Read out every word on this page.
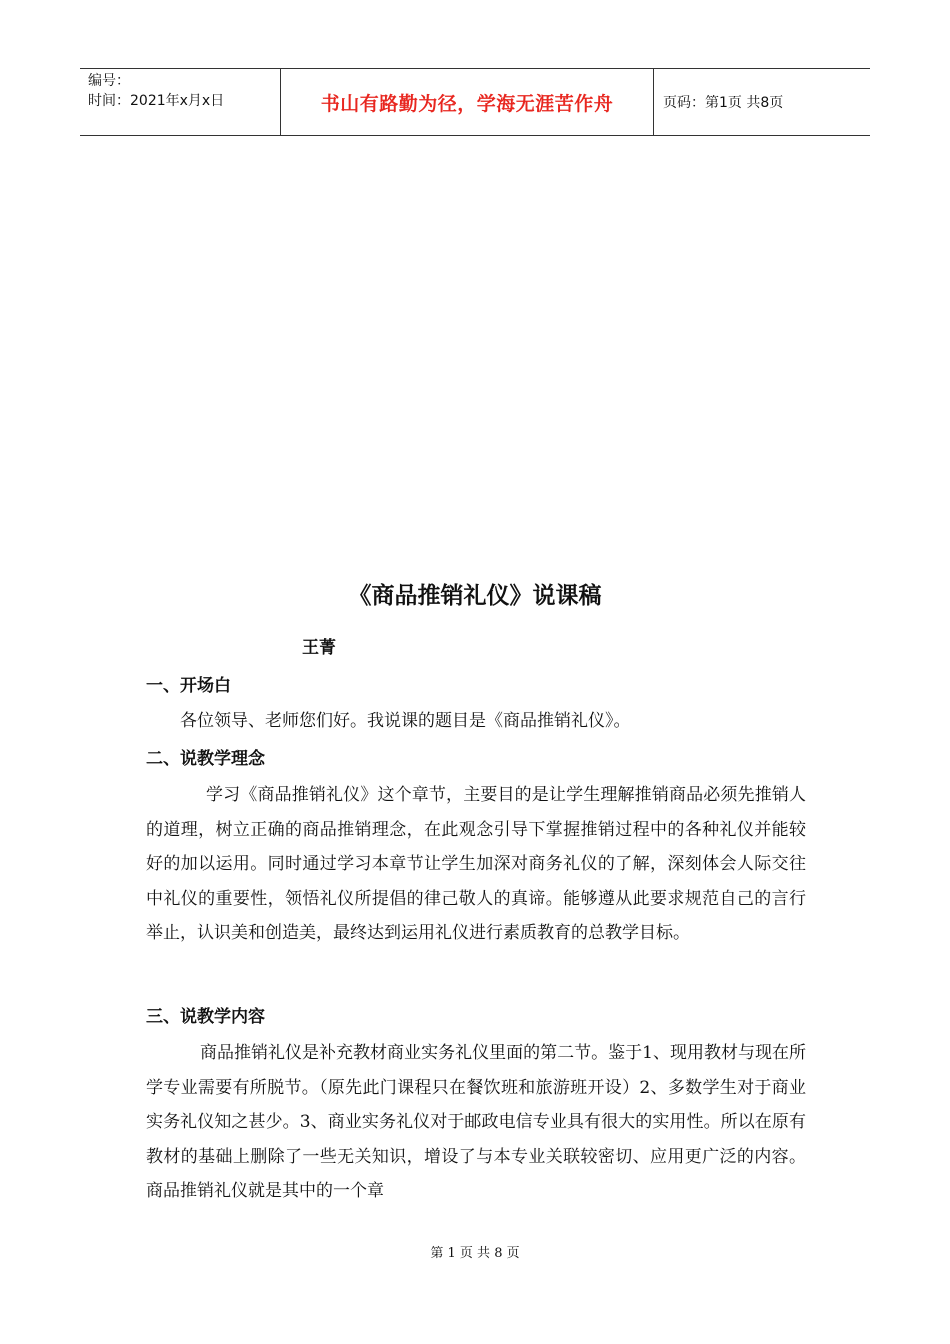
编号：
时间：2021年x月x日	书山有路勤为径，学海无涯苦作舟	页码：第1页 共8页
《商品推销礼仪》说课稿
王菁
一、开场白

各位领导、老师您们好。我说课的题目是《商品推销礼仪》。

二、说教学理念

学习《商品推销礼仪》这个章节，主要目的是让学生理解推销商品必须先推销人的道理，树立正确的商品推销理念，在此观念引导下掌握推销过程中的各种礼仪并能较好的加以运用。同时通过学习本章节让学生加深对商务礼仪的了解，深刻体会人际交往中礼仪的重要性，领悟礼仪所提倡的律己敬人的真谛。能够遵从此要求规范自己的言行举止，认识美和创造美，最终达到运用礼仪进行素质教育的总教学目标。

三、说教学内容

商品推销礼仪是补充教材商业实务礼仪里面的第二节。鉴于1、现用教材与现在所学专业需要有所脱节。（原先此门课程只在餐饮班和旅游班开设）2、多数学生对于商业实务礼仪知之甚少。3、商业实务礼仪对于邮政电信专业具有很大的实用性。所以在原有教材的基础上删除了一些无关知识，增设了与本专业关联较密切、应用更广泛的内容。商品推销礼仪就是其中的一个章

第 1 页 共 8 页
